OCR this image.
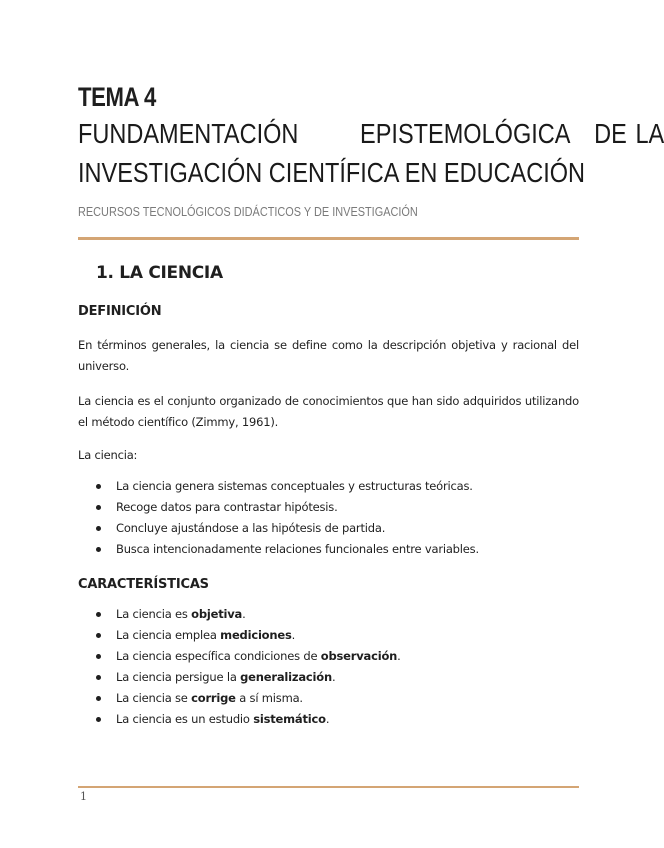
TEMA 4
FUNDAMENTACIÓN EPISTEMOLÓGICA DE LA
INVESTIGACIÓN CIENTÍFICA EN EDUCACIÓN
RECURSOS TECNOLÓGICOS DIDÁCTICOS Y DE INVESTIGACIÓN
1. LA CIENCIA
DEFINICIÓN

En términos generales, la ciencia se define como la descripción objetiva y racional del universo.

La ciencia es el conjunto organizado de conocimientos que han sido adquiridos utilizando el método científico (Zimmy, 1961).

La ciencia:

La ciencia genera sistemas conceptuales y estructuras teóricas.
Recoge datos para contrastar hipótesis.
Concluye ajustándose a las hipótesis de partida.
Busca intencionadamente relaciones funcionales entre variables.
CARACTERÍSTICAS
La ciencia es objetiva.
La ciencia emplea mediciones.
La ciencia específica condiciones de observación.
La ciencia persigue la generalización.
La ciencia se corrige a sí misma.
La ciencia es un estudio sistemático.
1
